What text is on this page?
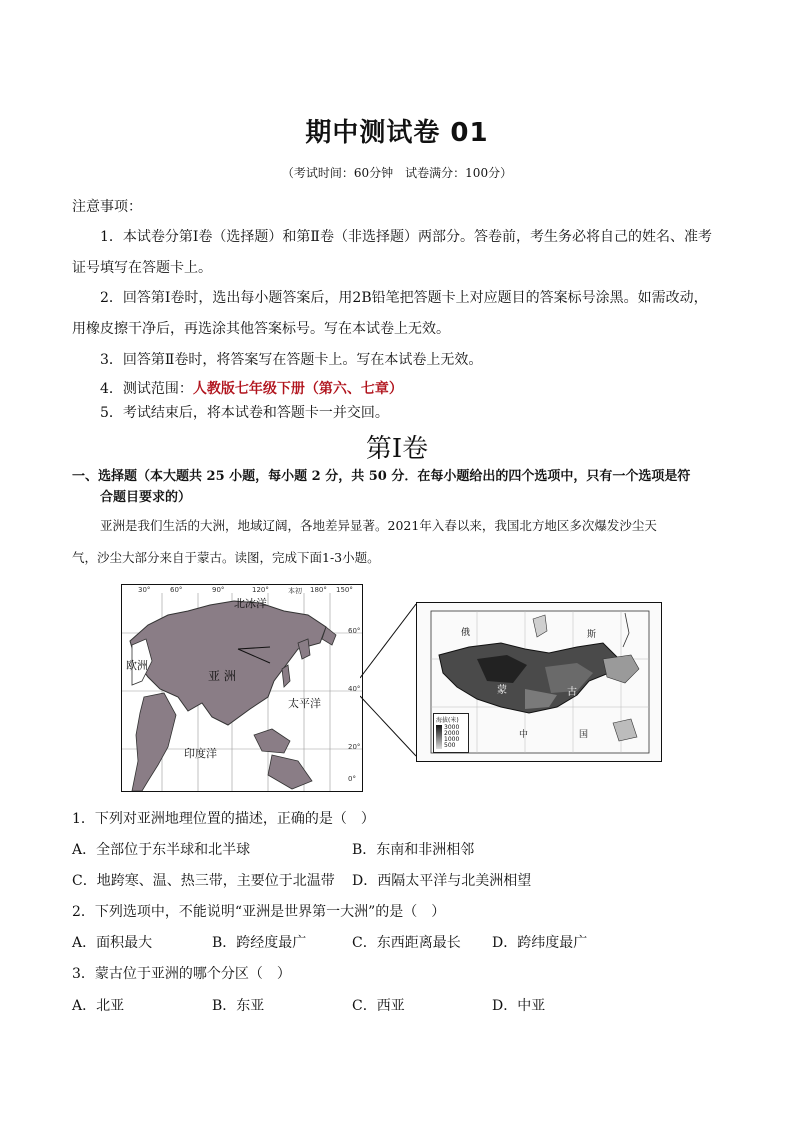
期中测试卷 01
（考试时间：60分钟　试卷满分：100分）
注意事项：
1．本试卷分第Ⅰ卷（选择题）和第Ⅱ卷（非选择题）两部分。答卷前，考生务必将自己的姓名、准考
证号填写在答题卡上。
2．回答第Ⅰ卷时，选出每小题答案后，用2B铅笔把答题卡上对应题目的答案标号涂黑。如需改动，
用橡皮擦干净后，再选涂其他答案标号。写在本试卷上无效。
3．回答第Ⅱ卷时，将答案写在答题卡上。写在本试卷上无效。
4．测试范围：人教版七年级下册（第六、七章）
5．考试结束后，将本试卷和答题卡一并交回。
第Ⅰ卷
一、选择题（本大题共 25 小题，每小题 2 分，共 50 分．在每小题给出的四个选项中，只有一个选项是符
合题目要求的）
亚洲是我们生活的大洲，地域辽阔，各地差异显著。2021年入春以来，我国北方地区多次爆发沙尘天
气，沙尘大部分来自于蒙古。读图，完成下面1-3小题。
30°	60°	90°	120°	本初 180° 150°
60°
40°
20°
0°
北冰洋
欧洲
亚 洲
太平洋
印度洋
俄	斯
蒙	古
中	国
海拔(米)
3000
2000
1000
500
1．下列对亚洲地理位置的描述，正确的是（　）
A．全部位于东半球和北半球	B．东南和非洲相邻
C．地跨寒、温、热三带，主要位于北温带 D．西隔太平洋与北美洲相望
2．下列选项中，不能说明“亚洲是世界第一大洲”的是（　）
A．面积最大	B．跨经度最广	C．东西距离最长 D．跨纬度最广
3．蒙古位于亚洲的哪个分区（　）
A．北亚	B．东亚	C．西亚	D．中亚
